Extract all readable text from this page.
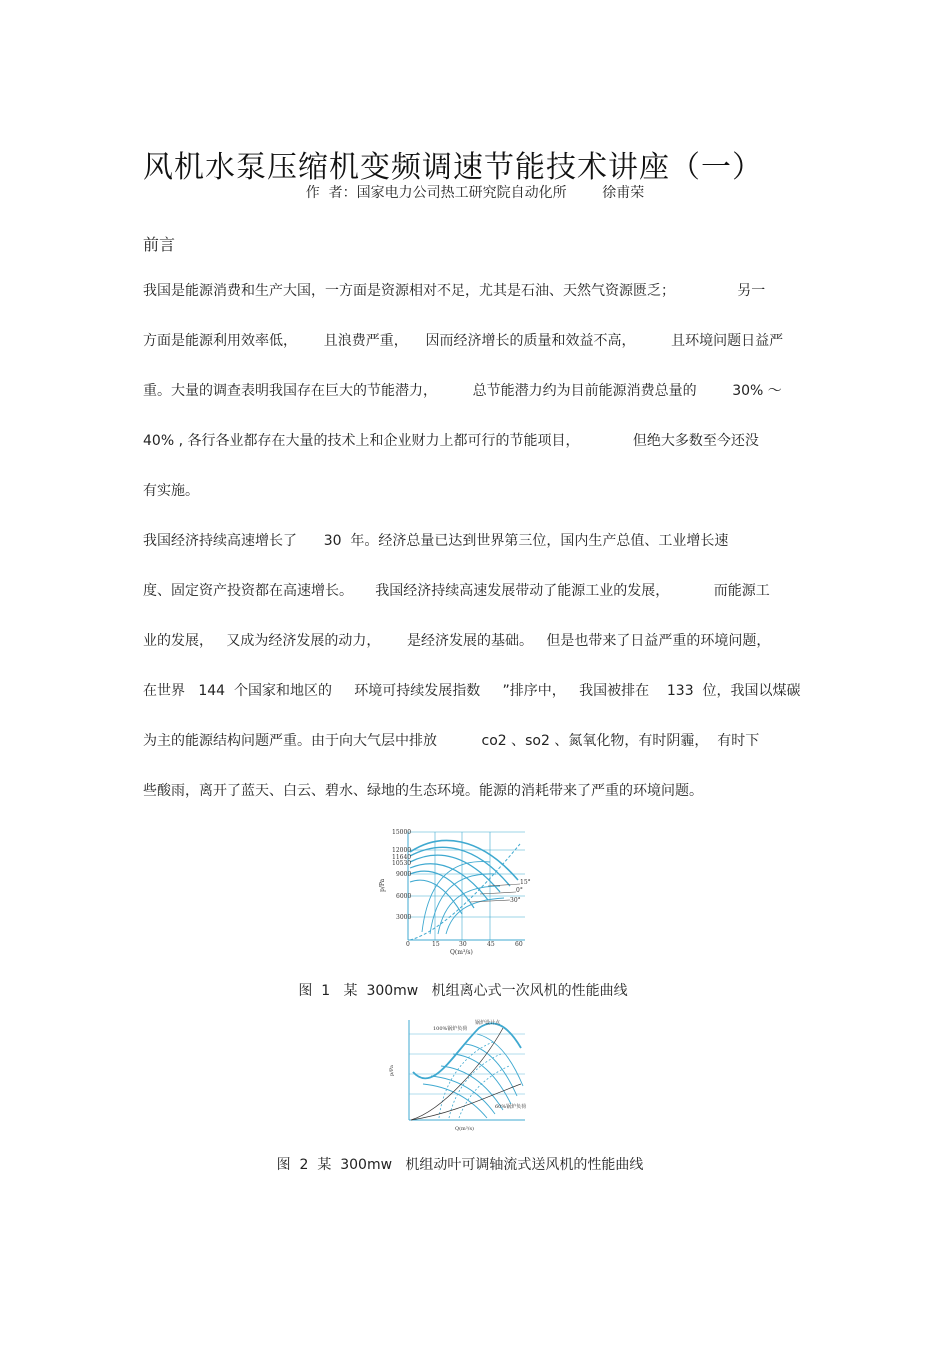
风机水泵压缩机变频调速节能技术讲座（一）
作  者：国家电力公司热工研究院自动化所        徐甫荣
前言
我国是能源消费和生产大国，一方面是资源相对不足，尤其是石油、天然气资源匮乏；              另一
方面是能源利用效率低，      且浪费严重，    因而经济增长的质量和效益不高，        且环境问题日益严
重。大量的调查表明我国存在巨大的节能潜力，        总节能潜力约为目前能源消费总量的        30% ～
40% , 各行各业都存在大量的技术上和企业财力上都可行的节能项目，            但绝大多数至今还没
有实施。
我国经济持续高速增长了      30  年。经济总量已达到世界第三位，国内生产总值、工业增长速
度、固定资产投资都在高速增长。     我国经济持续高速发展带动了能源工业的发展，          而能源工
业的发展，   又成为经济发展的动力，      是经济发展的基础。   但是也带来了日益严重的环境问题，
在世界   144  个国家和地区的     环境可持续发展指数     ”排序中，   我国被排在    133  位，我国以煤碳
为主的能源结构问题严重。由于向大气层中排放          co2 、so2 、氮氧化物，有时阴霾，  有时下
些酸雨，离开了蓝天、白云、碧水、绿地的生态环境。能源的消耗带来了严重的环境问题。
15000
12000
11640
10530
9000
6000
3000
0	15	30	45	60
Q(m³/s)
p/Pa	15°
0°
30°
图  1   某  300mw   机组离心式一次风机的性能曲线
锅炉设计点
100%锅炉负荷
60%锅炉负荷
Q(m³/s)
p/Pa
图  2  某  300mw   机组动叶可调轴流式送风机的性能曲线
